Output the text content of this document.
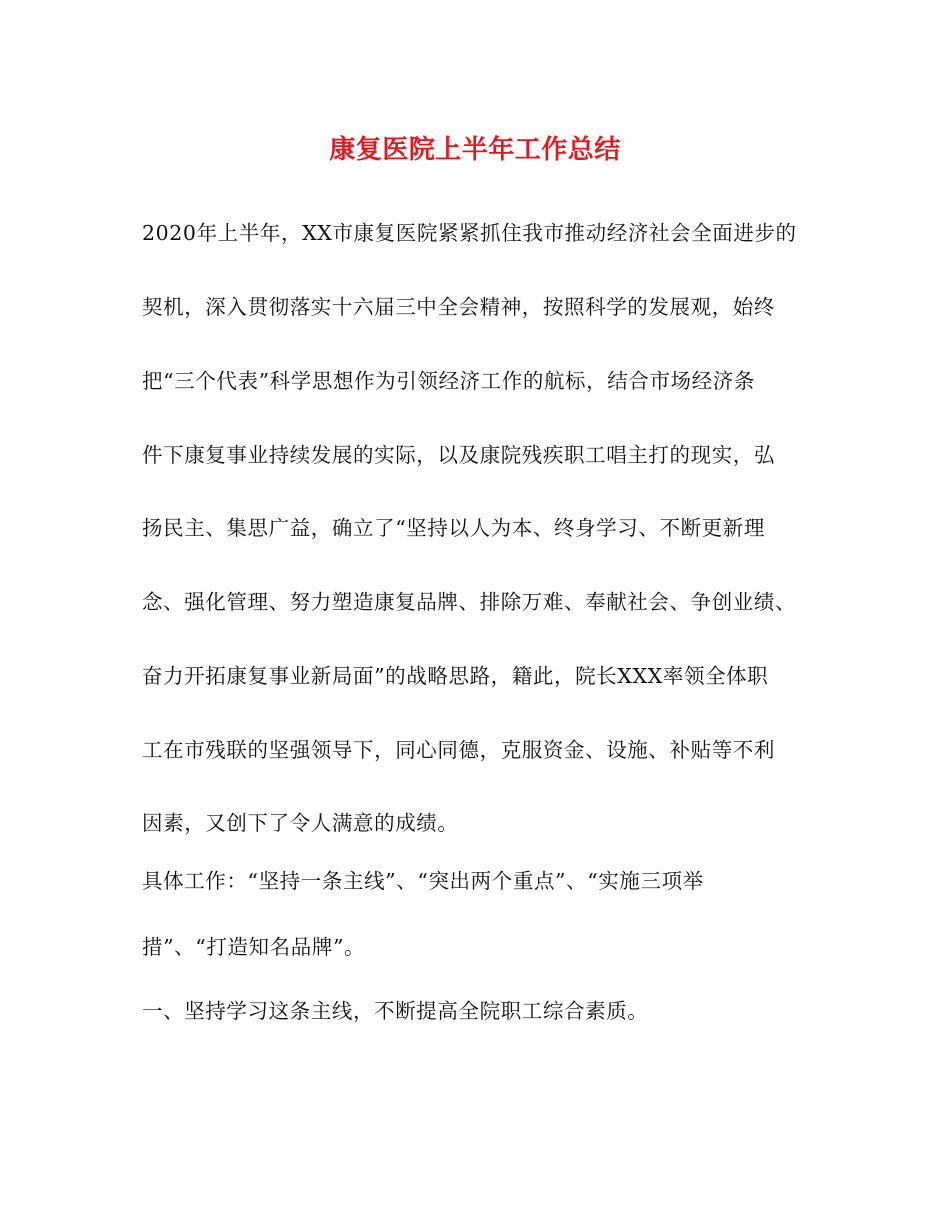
康复医院上半年工作总结
2020年上半年，XX市康复医院紧紧抓住我市推动经济社会全面进步的
契机，深入贯彻落实十六届三中全会精神，按照科学的发展观，始终
把“三个代表”科学思想作为引领经济工作的航标，结合市场经济条
件下康复事业持续发展的实际，以及康院残疾职工唱主打的现实，弘
扬民主、集思广益，确立了“坚持以人为本、终身学习、不断更新理
念、强化管理、努力塑造康复品牌、排除万难、奉献社会、争创业绩、
奋力开拓康复事业新局面”的战略思路，籍此，院长XXX率领全体职
工在市残联的坚强领导下，同心同德，克服资金、设施、补贴等不利
因素，又创下了令人满意的成绩。
具体工作：“坚持一条主线”、“突出两个重点”、“实施三项举
措”、“打造知名品牌”。
一、坚持学习这条主线，不断提高全院职工综合素质。
